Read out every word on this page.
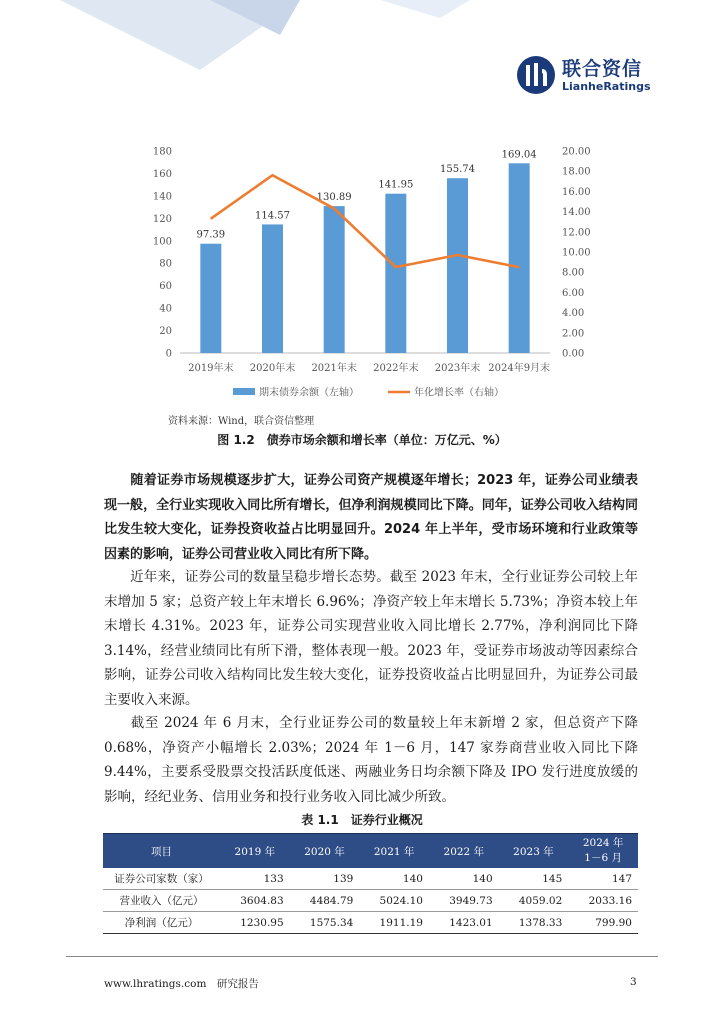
联合资信
LianheRatings
0
20
40
60
80
100
120
140
160
180
0.00
2.00
4.00
6.00
8.00
10.00
12.00
14.00
16.00
18.00
20.00
97.39
114.57
130.89
141.95
155.74
169.04
2019年末 2020年末 2021年末 2022年末 2023年末 2024年9月末
期末债券余额（左轴）	年化增长率（右轴）
资料来源：Wind，联合资信整理
图 1.2　债券市场余额和增长率（单位：万亿元、%）

随着证券市场规模逐步扩大，证券公司资产规模逐年增长；2023 年，证券公司业绩表现一般，全行业实现收入同比所有增长，但净利润规模同比下降。同年，证券公司收入结构同比发生较大变化，证券投资收益占比明显回升。2024 年上半年，受市场环境和行业政策等因素的影响，证券公司营业收入同比有所下降。

近年来，证券公司的数量呈稳步增长态势。截至 2023 年末，全行业证券公司较上年末增加 5 家；总资产较上年末增长 6.96%；净资产较上年末增长 5.73%；净资本较上年末增长 4.31%。2023 年，证券公司实现营业收入同比增长 2.77%，净利润同比下降 3.14%，经营业绩同比有所下滑，整体表现一般。2023 年，受证券市场波动等因素综合影响，证券公司收入结构同比发生较大变化，证券投资收益占比明显回升，为证券公司最主要收入来源。

截至 2024 年 6 月末，全行业证券公司的数量较上年末新增 2 家，但总资产下降 0.68%，净资产小幅增长 2.03%；2024 年 1－6 月，147 家券商营业收入同比下降 9.44%，主要系受股票交投活跃度低迷、两融业务日均余额下降及 IPO 发行进度放缓的影响，经纪业务、信用业务和投行业务收入同比减少所致。

表 1.1　证券行业概况
项目	2019 年	2020 年	2021 年	2022 年	2023 年	2024 年
1－6 月
证券公司家数（家）	133	139	140	140	145	147
营业收入（亿元）	3604.83	4484.79	5024.10	3949.73	4059.02	2033.16
净利润（亿元）	1230.95	1575.34	1911.19	1423.01	1378.33	799.90
www.lhratings.com　研究报告	3
